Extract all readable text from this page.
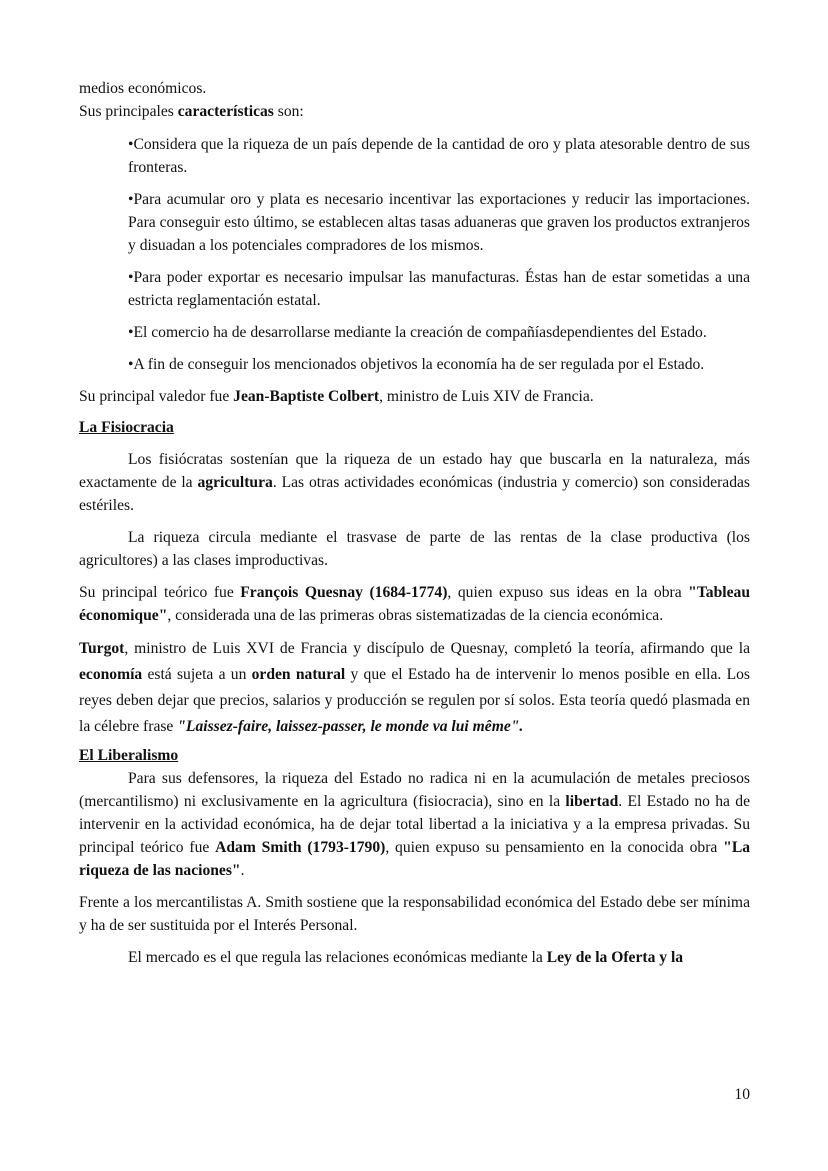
medios económicos.

Sus principales características son:

•Considera que la riqueza de un país depende de la cantidad de oro y plata atesorable dentro de sus fronteras.

•Para acumular oro y plata es necesario incentivar las exportaciones y reducir las importaciones. Para conseguir esto último, se establecen altas tasas aduaneras que graven los productos extranjeros y disuadan a los potenciales compradores de los mismos.

•Para poder exportar es necesario impulsar las manufacturas. Éstas han de estar sometidas a una estricta reglamentación estatal.

•El comercio ha de desarrollarse mediante la creación de compañíasdependientes del Estado.

•A fin de conseguir los mencionados objetivos la economía ha de ser regulada por el Estado.

Su principal valedor fue Jean-Baptiste Colbert, ministro de Luis XIV de Francia.

La Fisiocracia

Los fisiócratas sostenían que la riqueza de un estado hay que buscarla en la naturaleza, más exactamente de la agricultura. Las otras actividades económicas (industria y comercio) son consideradas estériles.

La riqueza circula mediante el trasvase de parte de las rentas de la clase productiva (los agricultores) a las clases improductivas.

Su principal teórico fue François Quesnay (1684-1774), quien expuso sus ideas en la obra "Tableau économique", considerada una de las primeras obras sistematizadas de la ciencia económica.

Turgot, ministro de Luis XVI de Francia y discípulo de Quesnay, completó la teoría, afirmando que la economía está sujeta a un orden natural y que el Estado ha de intervenir lo menos posible en ella. Los reyes deben dejar que precios, salarios y producción se regulen por sí solos. Esta teoría quedó plasmada en la célebre frase "Laissez-faire, laissez-passer, le monde va lui même".

El Liberalismo

Para sus defensores, la riqueza del Estado no radica ni en la acumulación de metales preciosos (mercantilismo) ni exclusivamente en la agricultura (fisiocracia), sino en la libertad. El Estado no ha de intervenir en la actividad económica, ha de dejar total libertad a la iniciativa y a la empresa privadas. Su principal teórico fue Adam Smith (1793-1790), quien expuso su pensamiento en la conocida obra "La riqueza de las naciones".

Frente a los mercantilistas A. Smith sostiene que la responsabilidad económica del Estado debe ser mínima y ha de ser sustituida por el Interés Personal.

El mercado es el que regula las relaciones económicas mediante la Ley de la Oferta y la

10
